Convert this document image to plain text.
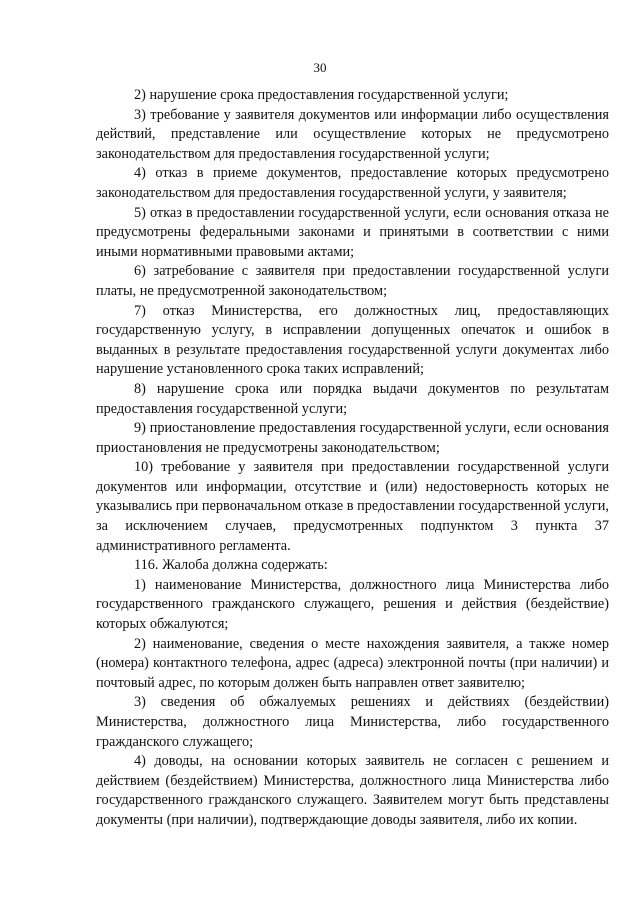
30

2) нарушение срока предоставления государственной услуги;

3) требование у заявителя документов или информации либо осуществления действий, представление или осуществление которых не предусмотрено законодательством для предоставления государственной услуги;

4) отказ в приеме документов, предоставление которых предусмотрено законодательством для предоставления государственной услуги, у заявителя;

5) отказ в предоставлении государственной услуги, если основания отказа не предусмотрены федеральными законами и принятыми в соответствии с ними иными нормативными правовыми актами;

6) затребование с заявителя при предоставлении государственной услуги платы, не предусмотренной законодательством;

7) отказ Министерства, его должностных лиц, предоставляющих государственную услугу, в исправлении допущенных опечаток и ошибок в выданных в результате предоставления государственной услуги документах либо нарушение установленного срока таких исправлений;

8) нарушение срока или порядка выдачи документов по результатам предоставления государственной услуги;

9) приостановление предоставления государственной услуги, если основания приостановления не предусмотрены законодательством;

10) требование у заявителя при предоставлении государственной услуги документов или информации, отсутствие и (или) недостоверность которых не указывались при первоначальном отказе в предоставлении государственной услуги, за исключением случаев, предусмотренных подпунктом 3 пункта 37 административного регламента.

116. Жалоба должна содержать:

1) наименование Министерства, должностного лица Министерства либо государственного гражданского служащего, решения и действия (бездействие) которых обжалуются;

2) наименование, сведения о месте нахождения заявителя, а также номер (номера) контактного телефона, адрес (адреса) электронной почты (при наличии) и почтовый адрес, по которым должен быть направлен ответ заявителю;

3) сведения об обжалуемых решениях и действиях (бездействии) Министерства, должностного лица Министерства, либо государственного гражданского служащего;

4) доводы, на основании которых заявитель не согласен с решением и действием (бездействием) Министерства, должностного лица Министерства либо государственного гражданского служащего. Заявителем могут быть представлены документы (при наличии), подтверждающие доводы заявителя, либо их копии.
